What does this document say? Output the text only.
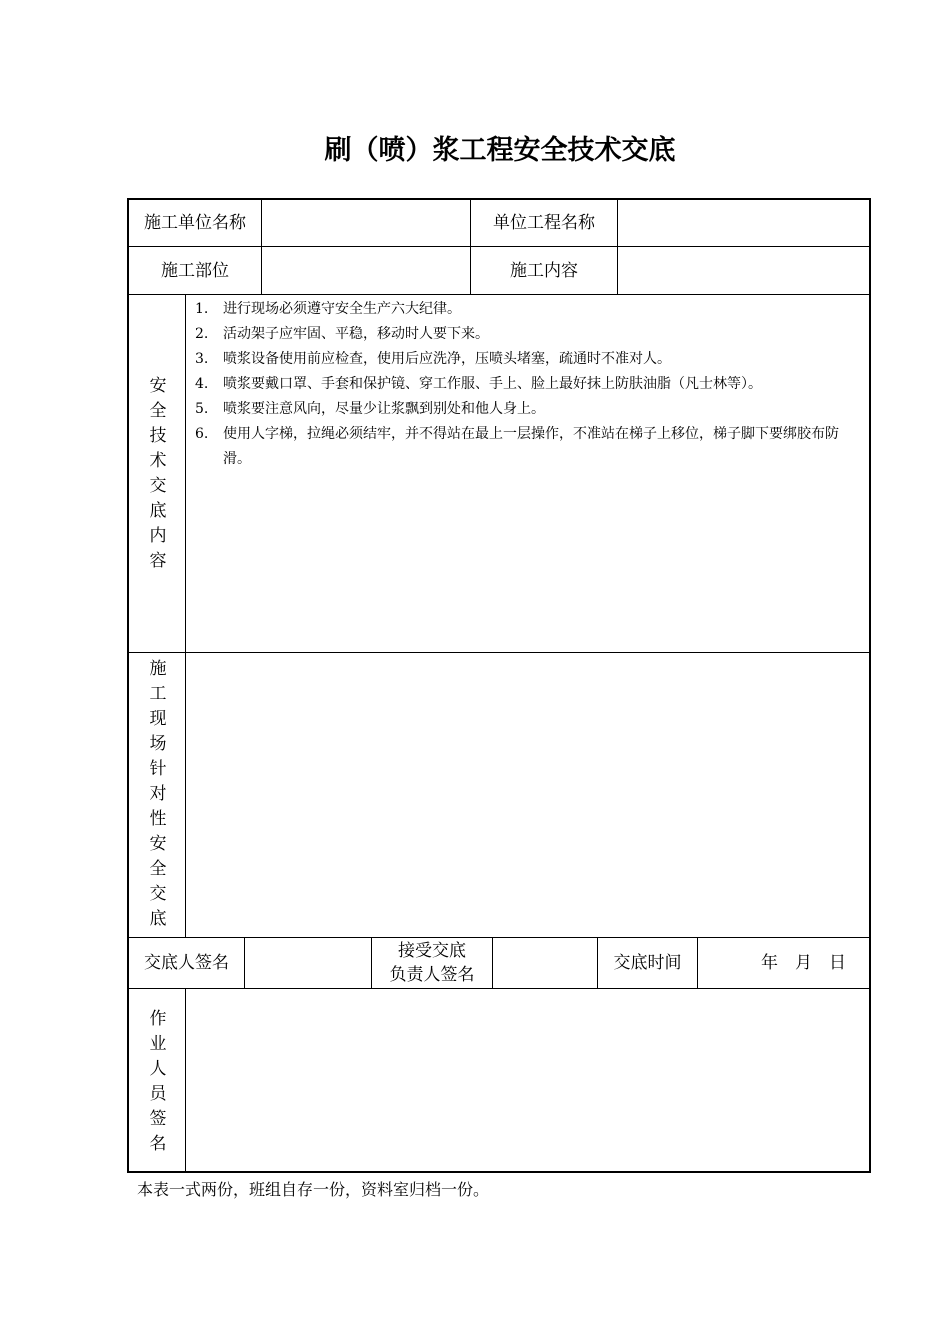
刷（喷）浆工程安全技术交底
施工单位名称	单位工程名称
施工部位	施工内容
安全技术交底内容
1.	进行现场必须遵守安全生产六大纪律。
2.	活动架子应牢固、平稳，移动时人要下来。
3.	喷浆设备使用前应检查，使用后应洗净，压喷头堵塞，疏通时不准对人。
4.	喷浆要戴口罩、手套和保护镜、穿工作服、手上、脸上最好抹上防肤油脂（凡士林等）。
5.	喷浆要注意风向，尽量少让浆飘到别处和他人身上。
6.	使用人字梯，拉绳必须结牢，并不得站在最上一层操作，不准站在梯子上移位，梯子脚下要绑胶布防滑。
施工现场针对性安全交底
交底人签名
接受交底
负责人签名
交底时间	年　月　日
作业人员签名
本表一式两份，班组自存一份，资料室归档一份。
